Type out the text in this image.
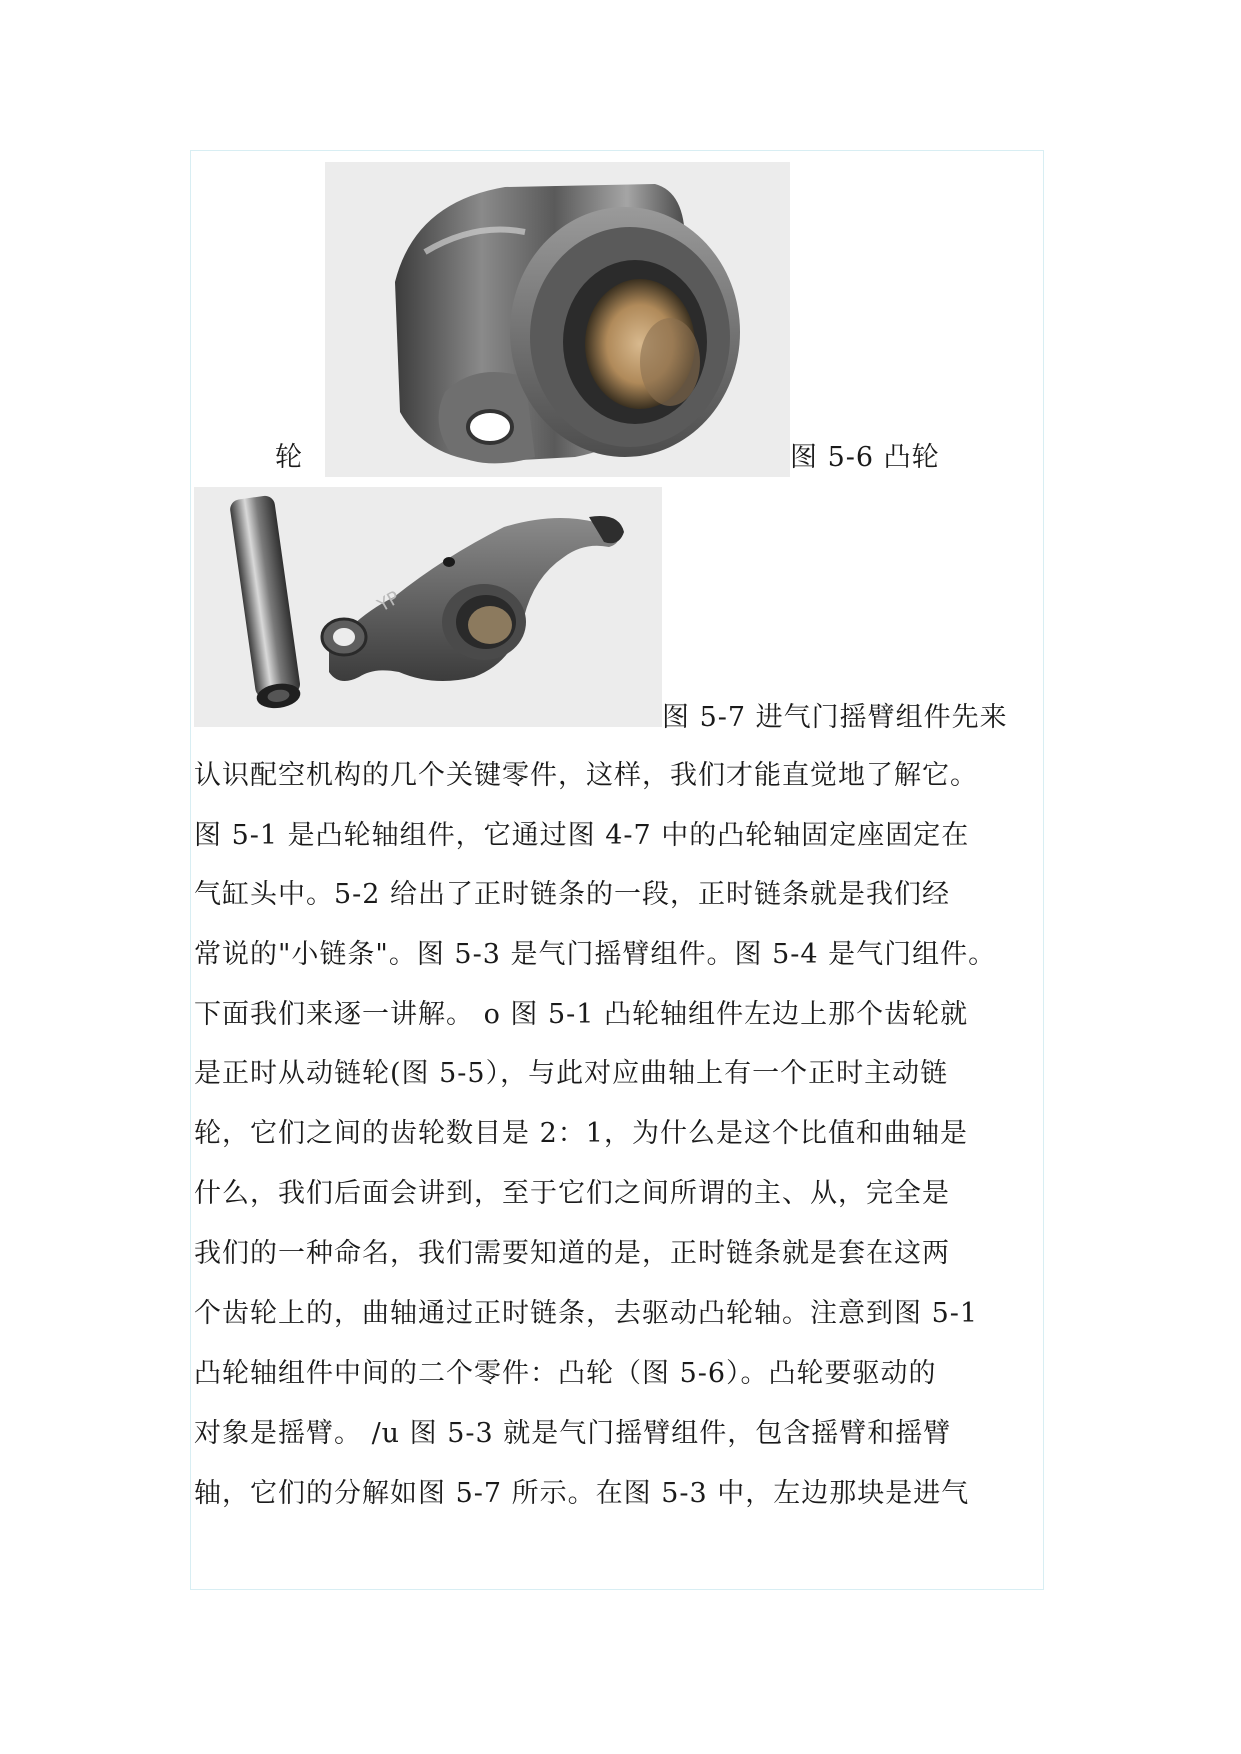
轮	图 5-6 凸轮
YP
图 5-7 进气门摇臂组件先来
认识配空机构的几个关键零件，这样，我们才能直觉地了解它。
图 5-1 是凸轮轴组件，它通过图 4-7 中的凸轮轴固定座固定在
气缸头中。5-2 给出了正时链条的一段，正时链条就是我们经
常说的"小链条"。图 5-3 是气门摇臂组件。图 5-4 是气门组件。
下面我们来逐一讲解。 o 图 5-1 凸轮轴组件左边上那个齿轮就
是正时从动链轮(图 5-5），与此对应曲轴上有一个正时主动链
轮，它们之间的齿轮数目是 2：1，为什么是这个比值和曲轴是
什么，我们后面会讲到，至于它们之间所谓的主、从，完全是
我们的一种命名，我们需要知道的是，正时链条就是套在这两
个齿轮上的，曲轴通过正时链条，去驱动凸轮轴。注意到图 5-1
凸轮轴组件中间的二个零件：凸轮（图 5-6）。凸轮要驱动的
对象是摇臂。 /u 图 5-3 就是气门摇臂组件，包含摇臂和摇臂
轴，它们的分解如图 5-7 所示。在图 5-3 中，左边那块是进气
